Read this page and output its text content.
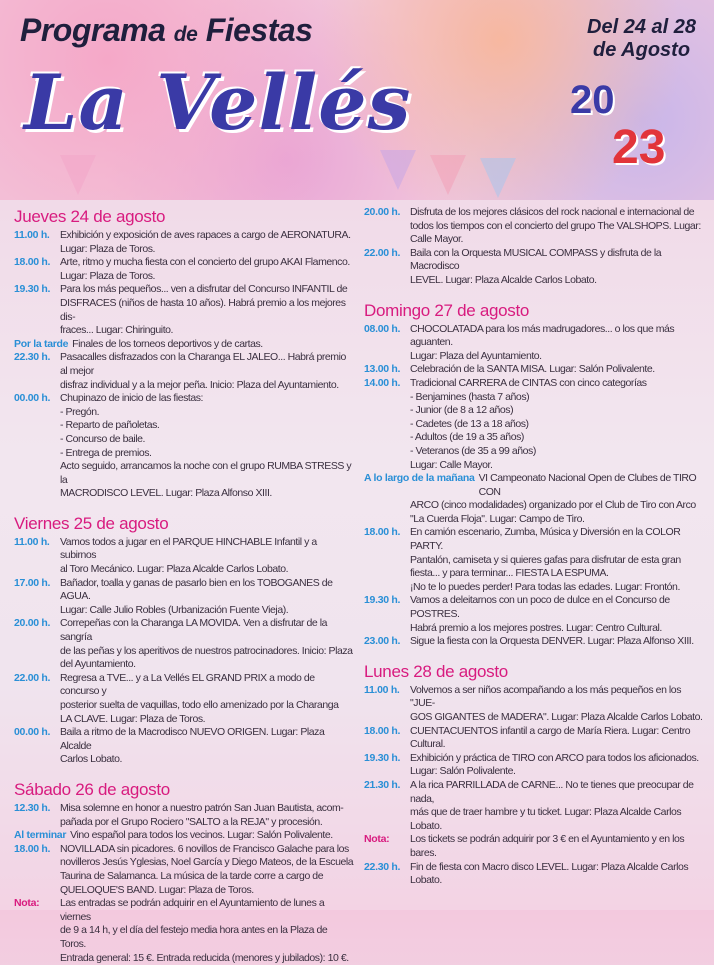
Programa de Fiestas	Del 24 al 28
de Agosto
La Vellés	20
23
Jueves 24 de agosto
11.00 h. Exhibición y exposición de aves rapaces a cargo de AERONATURA.
Lugar: Plaza de Toros.
18.00 h. Arte, ritmo y mucha fiesta con el concierto del grupo AKAI Flamenco.
Lugar: Plaza de Toros.
19.30 h. Para los más pequeños... ven a disfrutar del Concurso INFANTIL de
DISFRACES (niños de hasta 10 años). Habrá premio a los mejores dis-
fraces... Lugar: Chiringuito.
Por la tarde Finales de los torneos deportivos y de cartas.
22.30 h. Pasacalles disfrazados con la Charanga EL JALEO... Habrá premio al mejor
disfraz individual y a la mejor peña. Inicio: Plaza del Ayuntamiento.
00.00 h. Chupinazo de inicio de las fiestas:
- Pregón.
- Reparto de pañoletas.
- Concurso de baile.
- Entrega de premios.
Acto seguido, arrancamos la noche con el grupo RUMBA STRESS y la
MACRODISCO LEVEL. Lugar: Plaza Alfonso XIII.
Viernes 25 de agosto
11.00 h. Vamos todos a jugar en el PARQUE HINCHABLE Infantil y a subirnos
al Toro Mecánico. Lugar: Plaza Alcalde Carlos Lobato.
17.00 h. Bañador, toalla y ganas de pasarlo bien en los TOBOGANES de AGUA.
Lugar: Calle Julio Robles (Urbanización Fuente Vieja).
20.00 h. Correpeñas con la Charanga LA MOVIDA. Ven a disfrutar de la sangría
de las peñas y los aperitivos de nuestros patrocinadores. Inicio: Plaza
del Ayuntamiento.
22.00 h. Regresa a TVE... y a La Vellés EL GRAND PRIX a modo de concurso y
posterior suelta de vaquillas, todo ello amenizado por la Charanga
LA CLAVE. Lugar: Plaza de Toros.
00.00 h. Baila a ritmo de la Macrodisco NUEVO ORIGEN. Lugar: Plaza Alcalde
Carlos Lobato.
Sábado 26 de agosto
12.30 h. Misa solemne en honor a nuestro patrón San Juan Bautista, acom-
pañada por el Grupo Rociero "SALTO a la REJA" y procesión.
Al terminar Vino español para todos los vecinos. Lugar: Salón Polivalente.
18.00 h. NOVILLADA sin picadores. 6 novillos de Francisco Galache para los
novilleros Jesús Yglesias, Noel García y Diego Mateos, de la Escuela
Taurina de Salamanca. La música de la tarde corre a cargo de
QUELOQUE'S BAND. Lugar: Plaza de Toros.
Nota:	Las entradas se podrán adquirir en el Ayuntamiento de lunes a viernes
de 9 a 14 h, y el día del festejo media hora antes en la Plaza de Toros.
Entrada general: 15 €. Entrada reducida (menores y jubilados): 10 €.
20.00 h. Disfruta de los mejores clásicos del rock nacional e internacional de
todos los tiempos con el concierto del grupo The VALSHOPS. Lugar:
Calle Mayor.
22.00 h. Baila con la Orquesta MUSICAL COMPASS y disfruta de la Macrodisco
LEVEL. Lugar: Plaza Alcalde Carlos Lobato.
Domingo 27 de agosto
08.00 h. CHOCOLATADA para los más madrugadores... o los que más aguanten.
Lugar: Plaza del Ayuntamiento.
13.00 h. Celebración de la SANTA MISA. Lugar: Salón Polivalente.
14.00 h. Tradicional CARRERA de CINTAS con cinco categorías
- Benjamines (hasta 7 años)
- Junior (de 8 a 12 años)
- Cadetes (de 13 a 18 años)
- Adultos (de 19 a 35 años)
- Veteranos (de 35 a 99 años)
Lugar: Calle Mayor.
A lo largo de la mañana VI Campeonato Nacional Open de Clubes de TIRO CON
ARCO (cinco modalidades) organizado por el Club de Tiro con Arco
"La Cuerda Floja". Lugar: Campo de Tiro.
18.00 h. En camión escenario, Zumba, Música y Diversión en la COLOR PARTY.
Pantalón, camiseta y si quieres gafas para disfrutar de esta gran
fiesta... y para terminar... FIESTA LA ESPUMA.
¡No te lo puedes perder! Para todas las edades. Lugar: Frontón.
19.30 h. Vamos a deleitarnos con un poco de dulce en el Concurso de POSTRES.
Habrá premio a los mejores postres. Lugar: Centro Cultural.
23.00 h. Sigue la fiesta con la Orquesta DENVER. Lugar: Plaza Alfonso XIII.
Lunes 28 de agosto
11.00 h. Volvemos a ser niños acompañando a los más pequeños en los "JUE-
GOS GIGANTES de MADERA". Lugar: Plaza Alcalde Carlos Lobato.
18.00 h. CUENTACUENTOS infantil a cargo de María Riera. Lugar: Centro Cultural.
19.30 h. Exhibición y práctica de TIRO con ARCO para todos los aficionados.
Lugar: Salón Polivalente.
21.30 h. A la rica PARRILLADA de CARNE... No te tienes que preocupar de nada,
más que de traer hambre y tu ticket. Lugar: Plaza Alcalde Carlos Lobato.
Nota:	Los tickets se podrán adquirir por 3 € en el Ayuntamiento y en los bares.
22.30 h. Fin de fiesta con Macro disco LEVEL. Lugar: Plaza Alcalde Carlos Lobato.
